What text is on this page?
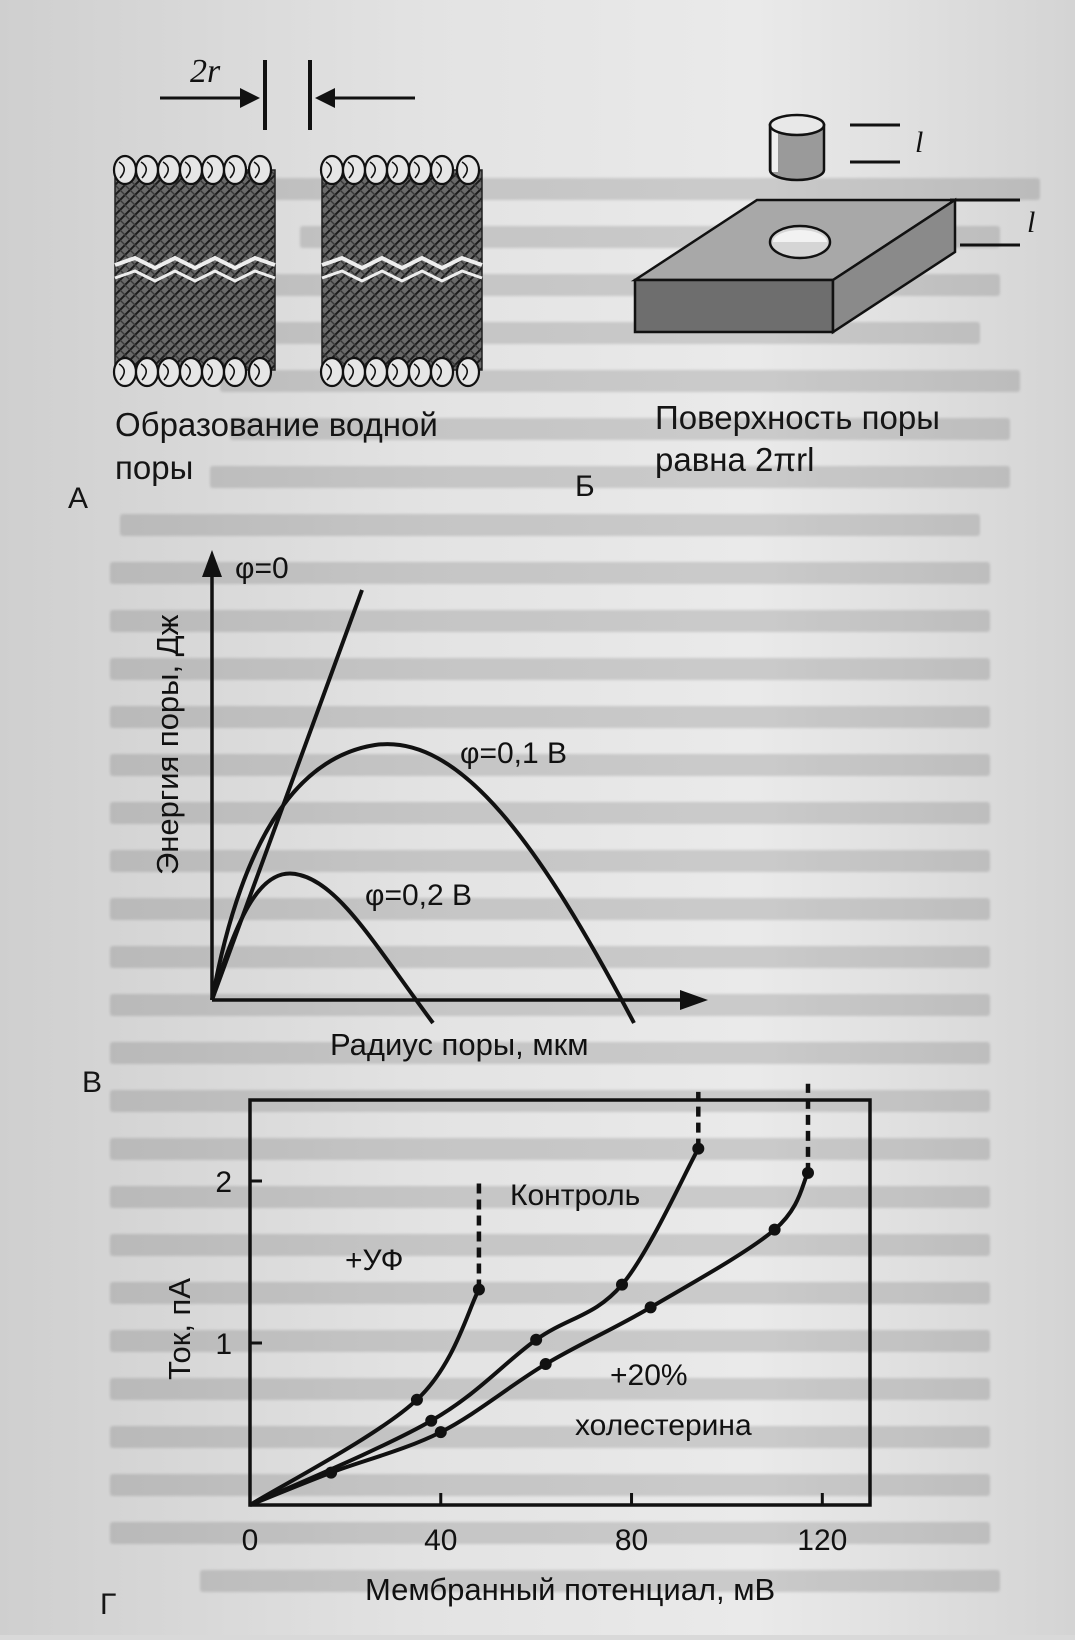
2r
Образование водной
поры
А
l
l
Поверхность поры
равна 2πrl
Б
φ=0
φ=0,1 В
φ=0,2 В
Энергия поры, Дж
Радиус поры, мкм
В
0	40	80	120
1
2
+УФ
Контроль
+20%
холестерина
Ток, пА
Мембранный потенциал, мВ
Г
